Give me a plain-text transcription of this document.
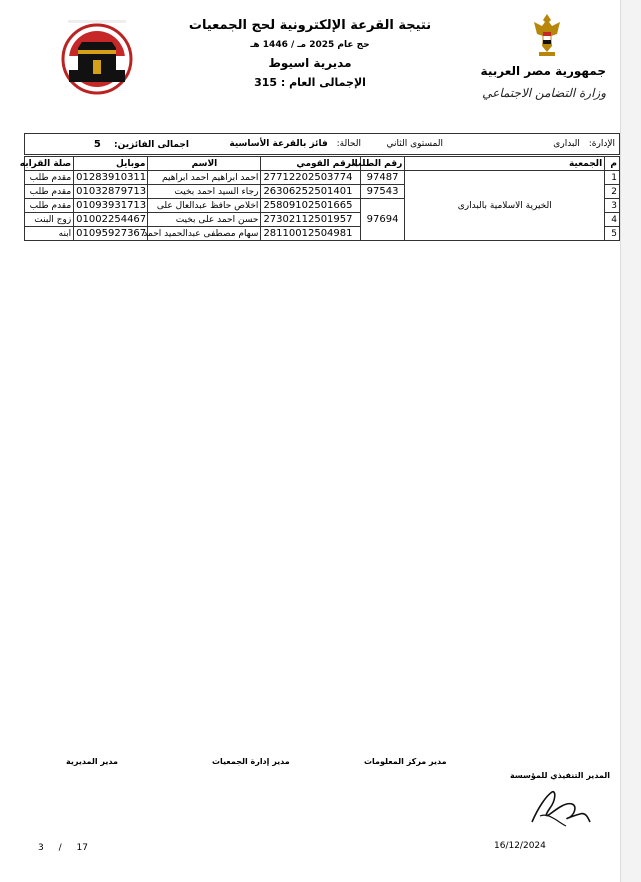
نتيجة القرعة الإلكترونية لحج الجمعيات
حج عام 2025 مـ / 1446 هـ
مديرية اسيوط
الإجمالى العام : 315
جمهورية مصر العربية
وزارة التضامن الاجتماعي
الإدارة: البدارى
المستوى الثاني
الحالة: فائز بالقرعة الأساسية
اجمالى الفائزين: 5
م	الجمعية	رقم الطلب	الرقم القومي	الاسم	موبايل	صلة القرابه
1	الخيرية الاسلامية بالبدارى	97487	27712202503774	احمد ابراهيم احمد ابراهيم	01283910311	مقدم طلب
2		97543	26306252501401	رجاء السيد احمد بخيت	01032879713	مقدم طلب
3		97694	25809102501665	اخلاص حافظ عبدالعال على	01093931713	مقدم طلب
4			27302112501957	حسن احمد على بخيت	01002254467	زوج البنت
5			28110012504981	سهام مصطفى عبدالحميد احمد	01095927367	ابنه
مدير المديرية	مدير إدارة الجمعيات	مدير مركز المعلومات
المدير التنفيذي للمؤسسة
16/12/2024
3 / 17
